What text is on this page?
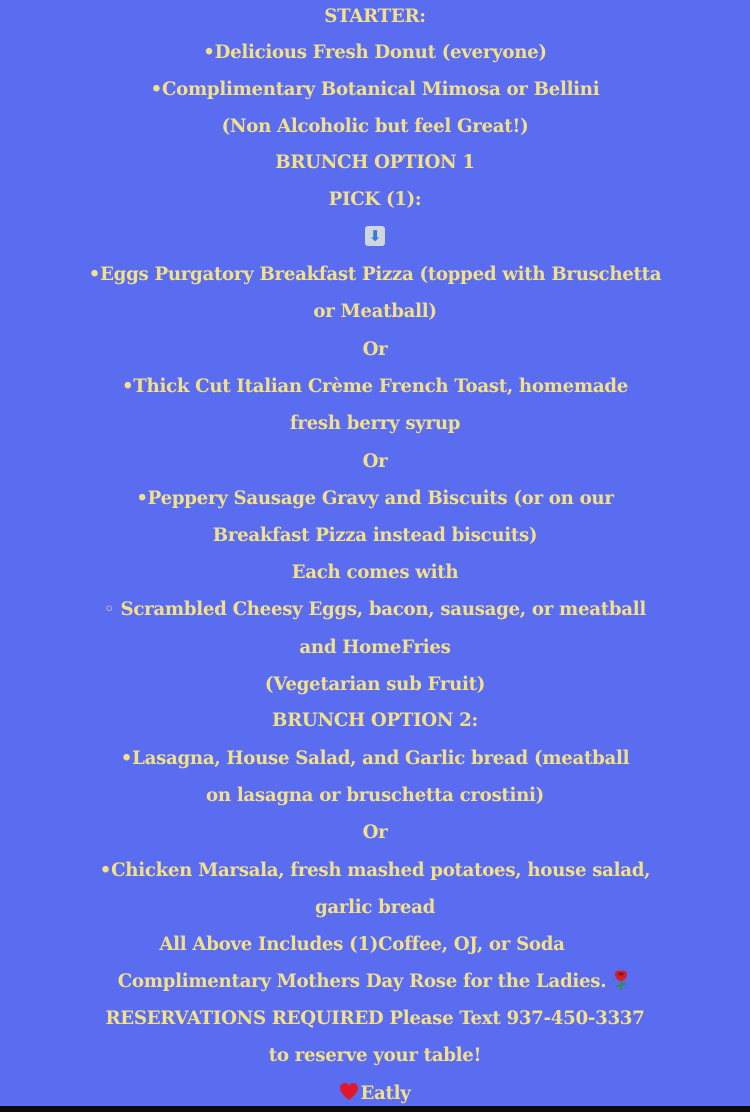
STARTER:
•Delicious Fresh Donut (everyone)
•Complimentary Botanical Mimosa or Bellini
(Non Alcoholic but feel Great!)
BRUNCH OPTION 1
PICK (1):
⬇
•Eggs Purgatory Breakfast Pizza (topped with Bruschetta
or Meatball)
Or
•Thick Cut Italian Crème French Toast, homemade
fresh berry syrup
Or
•Peppery Sausage Gravy and Biscuits (or on our
Breakfast Pizza instead biscuits)
Each comes with
◦ Scrambled Cheesy Eggs, bacon, sausage, or meatball
and HomeFries
(Vegetarian sub Fruit)
BRUNCH OPTION 2:
•Lasagna, House Salad, and Garlic bread (meatball
on lasagna or bruschetta crostini)
Or
•Chicken Marsala, fresh mashed potatoes, house salad,
garlic bread
All Above Includes (1)Coffee, OJ, or Soda
Complimentary Mothers Day Rose for the Ladies.
RESERVATIONS REQUIRED Please Text 937-450-3337
to reserve your table!
Eatly
